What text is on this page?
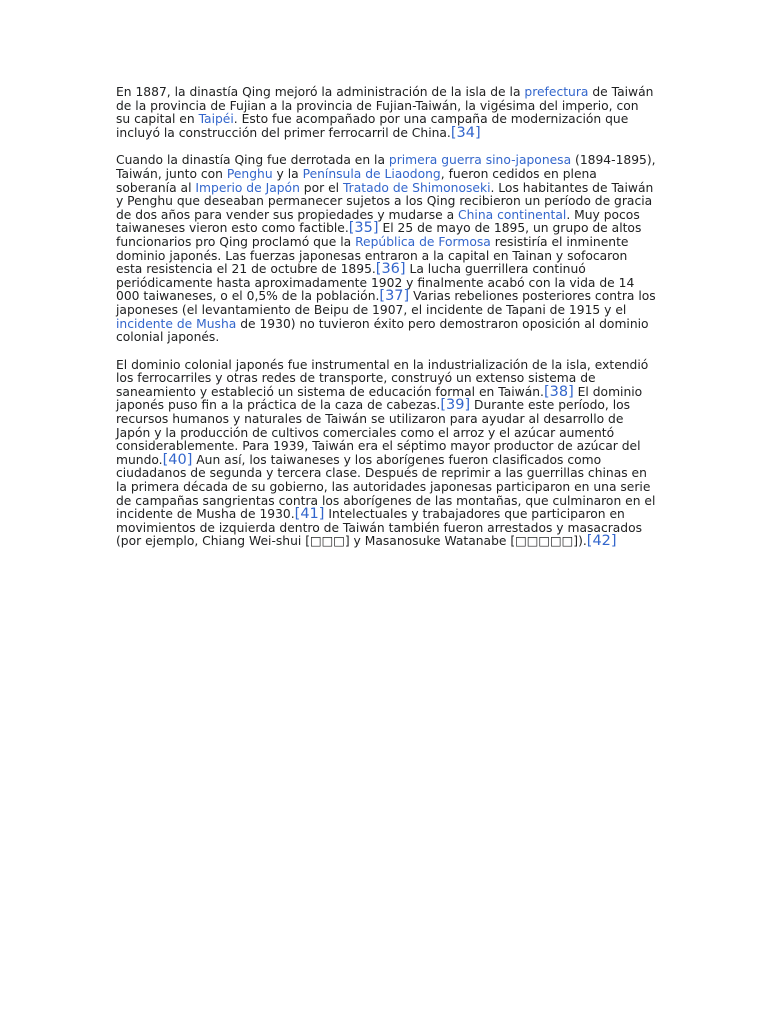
En 1887, la dinastía Qing mejoró la administración de la isla de la prefectura de Taiwán de la provincia de Fujian a la provincia de Fujian-Taiwán, la vigésima del imperio, con su capital en Taipéi. Esto fue acompañado por una campaña de modernización que incluyó la construcción del primer ferrocarril de China.[34]

Cuando la dinastía Qing fue derrotada en la primera guerra sino-japonesa (1894-1895), Taiwán, junto con Penghu y la Península de Liaodong, fueron cedidos en plena soberanía al Imperio de Japón por el Tratado de Shimonoseki. Los habitantes de Taiwán y Penghu que deseaban permanecer sujetos a los Qing recibieron un período de gracia de dos años para vender sus propiedades y mudarse a China continental. Muy pocos taiwaneses vieron esto como factible.[35] El 25 de mayo de 1895, un grupo de altos funcionarios pro Qing proclamó que la República de Formosa resistiría el inminente dominio japonés. Las fuerzas japonesas entraron a la capital en Tainan y sofocaron esta resistencia el 21 de octubre de 1895.[36] La lucha guerrillera continuó periódicamente hasta aproximadamente 1902 y finalmente acabó con la vida de 14 000 taiwaneses, o el 0,5% de la población.[37] Varias rebeliones posteriores contra los japoneses (el levantamiento de Beipu de 1907, el incidente de Tapani de 1915 y el incidente de Musha de 1930) no tuvieron éxito pero demostraron oposición al dominio colonial japonés.

El dominio colonial japonés fue instrumental en la industrialización de la isla, extendió los ferrocarriles y otras redes de transporte, construyó un extenso sistema de saneamiento y estableció un sistema de educación formal en Taiwán.[38] El dominio japonés puso fin a la práctica de la caza de cabezas.[39] Durante este período, los recursos humanos y naturales de Taiwán se utilizaron para ayudar al desarrollo de Japón y la producción de cultivos comerciales como el arroz y el azúcar aumentó considerablemente. Para 1939, Taiwán era el séptimo mayor productor de azúcar del mundo.[40] Aun así, los taiwaneses y los aborígenes fueron clasificados como ciudadanos de segunda y tercera clase. Después de reprimir a las guerrillas chinas en la primera década de su gobierno, las autoridades japonesas participaron en una serie de campañas sangrientas contra los aborígenes de las montañas, que culminaron en el incidente de Musha de 1930.[41] Intelectuales y trabajadores que participaron en movimientos de izquierda dentro de Taiwán también fueron arrestados y masacrados (por ejemplo, Chiang Wei-shui [□□□] y Masanosuke Watanabe [□□□□□]).[42]
